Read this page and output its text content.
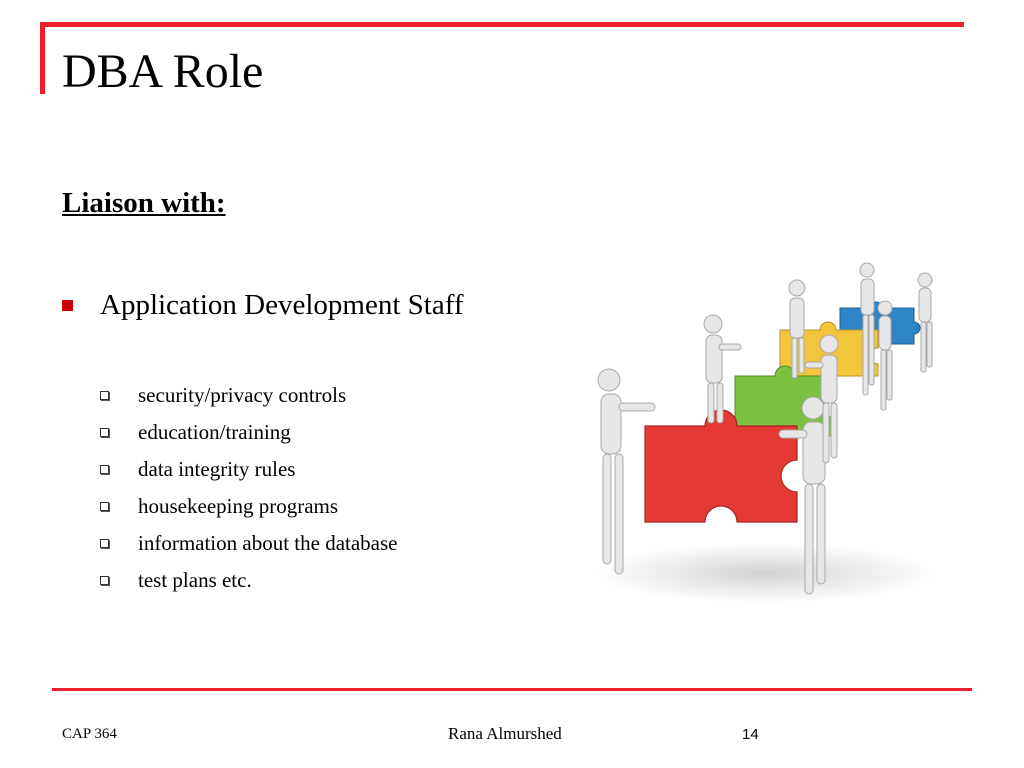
DBA Role
Liaison with:
Application Development Staff
security/privacy controls
education/training
data integrity rules
housekeeping programs
information about the database
test plans etc.
CAP 364	Rana Almurshed	14
